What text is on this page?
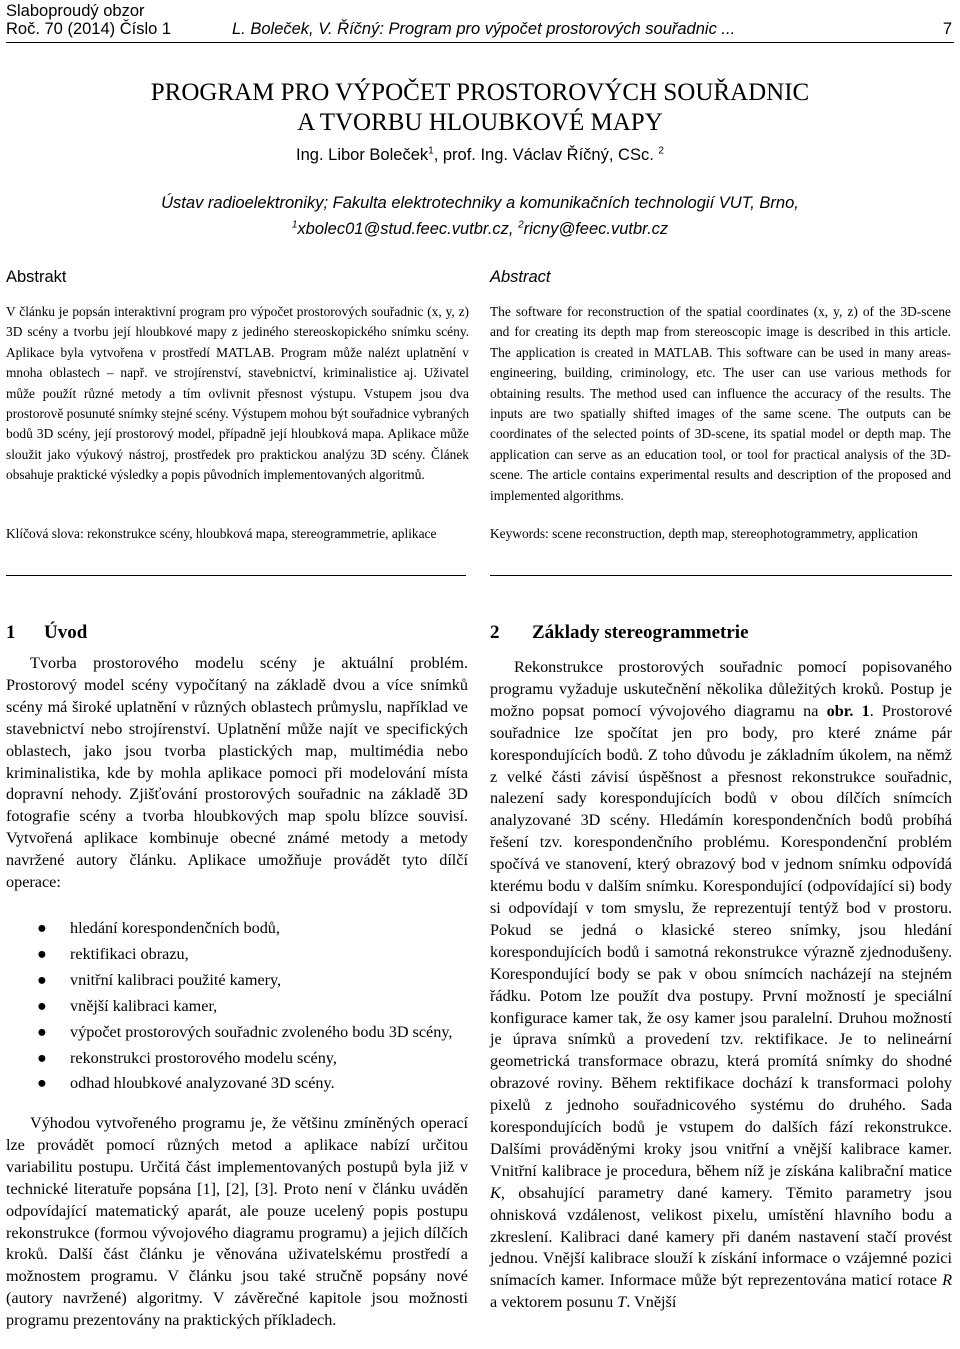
Slaboproudý obzor
Roč. 70 (2014) Číslo 1	L. Boleček, V. Říčný: Program pro výpočet prostorových souřadnic ...	7
PROGRAM PRO VÝPOČET PROSTOROVÝCH SOUŘADNIC
A TVORBU HLOUBKOVÉ MAPY
Ing. Libor Boleček$^1$, prof. Ing. Václav Říčný, CSc. $^2$
Ústav radioelektroniky; Fakulta elektrotechniky a komunikačních technologií VUT, Brno,
$^1$xbolec01@stud.feec.vutbr.cz, $^2$ricny@feec.vutbr.cz
Abstrakt	Abstract
V článku je popsán interaktivní program pro výpočet prostorových souřadnic (x, y, z) 3D scény a tvorbu její hloubkové mapy z jediného stereoskopického snímku scény. Aplikace byla vytvořena v prostředí MATLAB. Program může nalézt uplatnění v mnoha oblastech – např. ve strojírenství, stavebnictví, kriminalistice aj. Uživatel může použít různé metody a tím ovlivnit přesnost výstupu. Vstupem jsou dva prostorově posunuté snímky stejné scény. Výstupem mohou být souřadnice vybraných bodů 3D scény, její prostorový model, případně její hloubková mapa. Aplikace může sloužit jako výukový nástroj, prostředek pro praktickou analýzu 3D scény. Článek obsahuje praktické výsledky a popis původních implementovaných algoritmů.
The software for reconstruction of the spatial coordinates (x, y, z) of the 3D-scene and for creating its depth map from stereoscopic image is described in this article. The application is created in MATLAB. This software can be used in many areas- engineering, building, criminology, etc. The user can use various methods for obtaining results. The method used can influence the accuracy of the results. The inputs are two spatially shifted images of the same scene. The outputs can be coordinates of the selected points of 3D-scene, its spatial model or depth map. The application can serve as an education tool, or tool for practical analysis of the 3D-scene. The article contains experimental results and description of the proposed and implemented algorithms.
Klíčová slova: rekonstrukce scény, hloubková mapa, stereogrammetrie, aplikace	Keywords: scene reconstruction, depth map, stereophotogrammetry, application
1 Úvod
Tvorba prostorového modelu scény je aktuální problém. Prostorový model scény vypočítaný na základě dvou a více snímků scény má široké uplatnění v různých oblastech průmyslu, například ve stavebnictví nebo strojírenství. Uplatnění může najít ve specifických oblastech, jako jsou tvorba plastických map, multimédia nebo kriminalistika, kde by mohla aplikace pomoci při modelování místa dopravní nehody. Zjišťování prostorových souřadnic na základě 3D fotografie scény a tvorba hloubkových map spolu blízce souvisí. Vytvořená aplikace kombinuje obecné známé metody a metody navržené autory článku. Aplikace umožňuje provádět tyto dílčí operace:
● hledání korespondenčních bodů,
● rektifikaci obrazu,
● vnitřní kalibraci použité kamery,
● vnější kalibraci kamer,
● výpočet prostorových souřadnic zvoleného bodu 3D scény,
● rekonstrukci prostorového modelu scény,
● odhad hloubkové analyzované 3D scény.
Výhodou vytvořeného programu je, že většinu zmíněných operací lze provádět pomocí různých metod a aplikace nabízí určitou variabilitu postupu. Určitá část implementovaných postupů byla již v technické literatuře popsána [1], [2], [3]. Proto není v článku uváděn odpovídající matematický aparát, ale pouze ucelený popis postupu rekonstrukce (formou vývojového diagramu programu) a jejich dílčích kroků. Další část článku je věnována uživatelskému prostředí a možnostem programu. V článku jsou také stručně popsány nové (autory navržené) algoritmy. V závěrečné kapitole jsou možnosti programu prezentovány na praktických příkladech.
2 Základy stereogrammetrie
Rekonstrukce prostorových souřadnic pomocí popisovaného programu vyžaduje uskutečnění několika důležitých kroků. Postup je možno popsat pomocí vývojového diagramu na obr. 1. Prostorové souřadnice lze spočítat jen pro body, pro které známe pár korespondujících bodů. Z toho důvodu je základním úkolem, na němž z velké části závisí úspěšnost a přesnost rekonstrukce souřadnic, nalezení sady korespondujících bodů v obou dílčích snímcích analyzované 3D scény. Hledámín korespondenčních bodů probíhá řešení tzv. korespondenčního problému. Korespondenční problém spočívá ve stanovení, který obrazový bod v jednom snímku odpovídá kterému bodu v dalším snímku. Korespondující (odpovídající si) body si odpovídají v tom smyslu, že reprezentují tentýž bod v prostoru. Pokud se jedná o klasické stereo snímky, jsou hledání korespondujících bodů i samotná rekonstrukce výrazně zjednodušeny. Korespondující body se pak v obou snímcích nacházejí na stejném řádku. Potom lze použít dva postupy. První možností je speciální konfigurace kamer tak, že osy kamer jsou paralelní. Druhou možností je úprava snímků a provedení tzv. rektifikace. Je to nelineární geometrická transformace obrazu, která promítá snímky do shodné obrazové roviny. Během rektifikace dochází k transformaci polohy pixelů z jednoho souřadnicového systému do druhého. Sada korespondujících bodů je vstupem do dalších fází rekonstrukce. Dalšími prováděnými kroky jsou vnitřní a vnější kalibrace kamer. Vnitřní kalibrace je procedura, během níž je získána kalibrační matice K, obsahující parametry dané kamery. Těmito parametry jsou ohnisková vzdálenost, velikost pixelu, umístění hlavního bodu a zkreslení. Kalibraci dané kamery při daném nastavení stačí provést jednou. Vnější kalibrace slouží k získání informace o vzájemné pozici snímacích kamer. Informace může být reprezentována maticí rotace R a vektorem posunu T. Vnější
